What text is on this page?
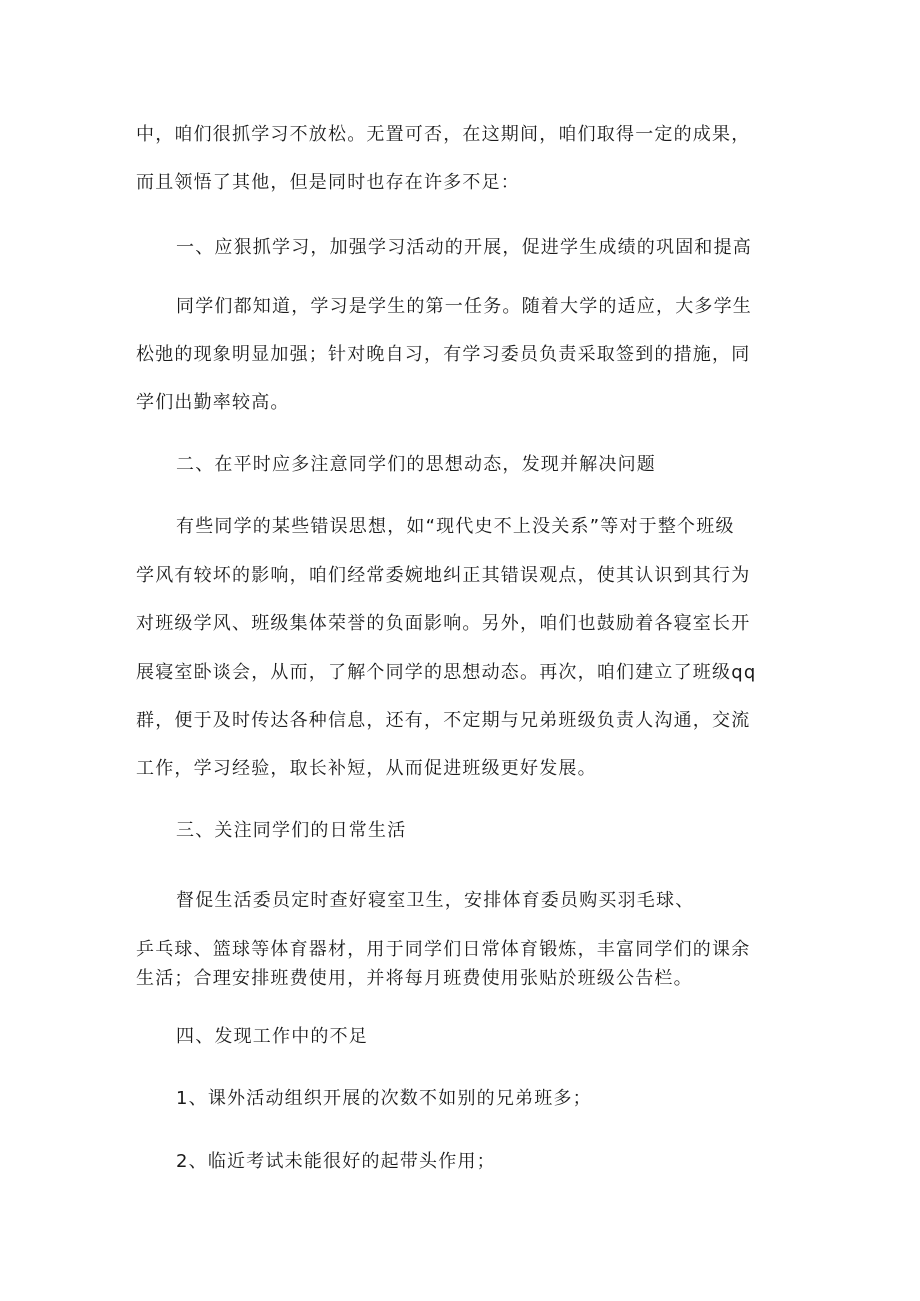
中，咱们很抓学习不放松。无置可否，在这期间，咱们取得一定的成果，
而且领悟了其他，但是同时也存在许多不足：
一、应狠抓学习，加强学习活动的开展，促进学生成绩的巩固和提高
同学们都知道，学习是学生的第一任务。随着大学的适应，大多学生
松弛的现象明显加强；针对晚自习，有学习委员负责采取签到的措施，同
学们出勤率较高。
二、在平时应多注意同学们的思想动态，发现并解决问题
有些同学的某些错误思想，如“现代史不上没关系”等对于整个班级
学风有较坏的影响，咱们经常委婉地纠正其错误观点，使其认识到其行为
对班级学风、班级集体荣誉的负面影响。另外，咱们也鼓励着各寝室长开
展寝室卧谈会，从而，了解个同学的思想动态。再次，咱们建立了班级qq
群，便于及时传达各种信息，还有，不定期与兄弟班级负责人沟通，交流
工作，学习经验，取长补短，从而促进班级更好发展。
三、关注同学们的日常生活
督促生活委员定时查好寝室卫生，安排体育委员购买羽毛球、
乒乓球、篮球等体育器材，用于同学们日常体育锻炼，丰富同学们的课余
生活；合理安排班费使用，并将每月班费使用张贴於班级公告栏。
四、发现工作中的不足
1、课外活动组织开展的次数不如别的兄弟班多；
2、临近考试未能很好的起带头作用；
